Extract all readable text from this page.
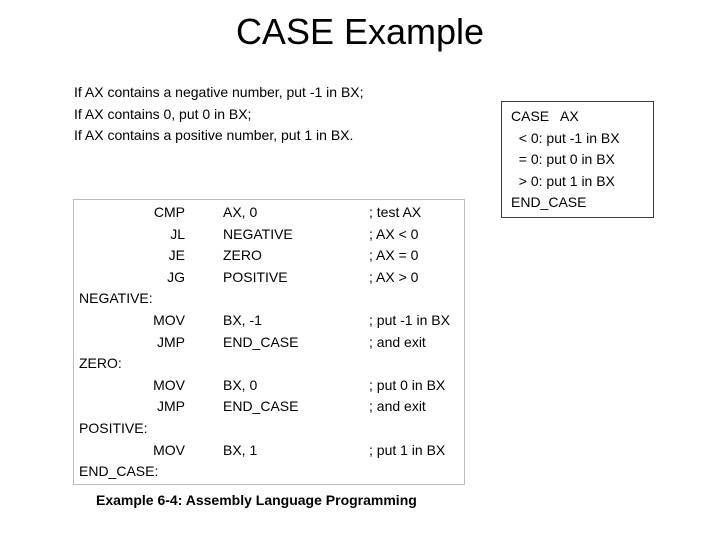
CASE Example
If AX contains a negative number, put -1 in BX;
If AX contains 0, put 0 in BX;
If AX contains a positive number, put 1 in BX.
CMP	AX, 0	; test AX
JL	NEGATIVE	; AX < 0
JE	ZERO	; AX = 0
JG	POSITIVE	; AX > 0
NEGATIVE:
MOV	BX, -1	; put -1 in BX
JMP	END_CASE	; and exit
ZERO:
MOV	BX, 0	; put 0 in BX
JMP	END_CASE	; and exit
POSITIVE:
MOV	BX, 1	; put 1 in BX
END_CASE:
Example 6-4: Assembly Language Programming
CASE   AX
< 0: put -1 in BX
= 0: put 0 in BX
> 0: put 1 in BX
END_CASE
